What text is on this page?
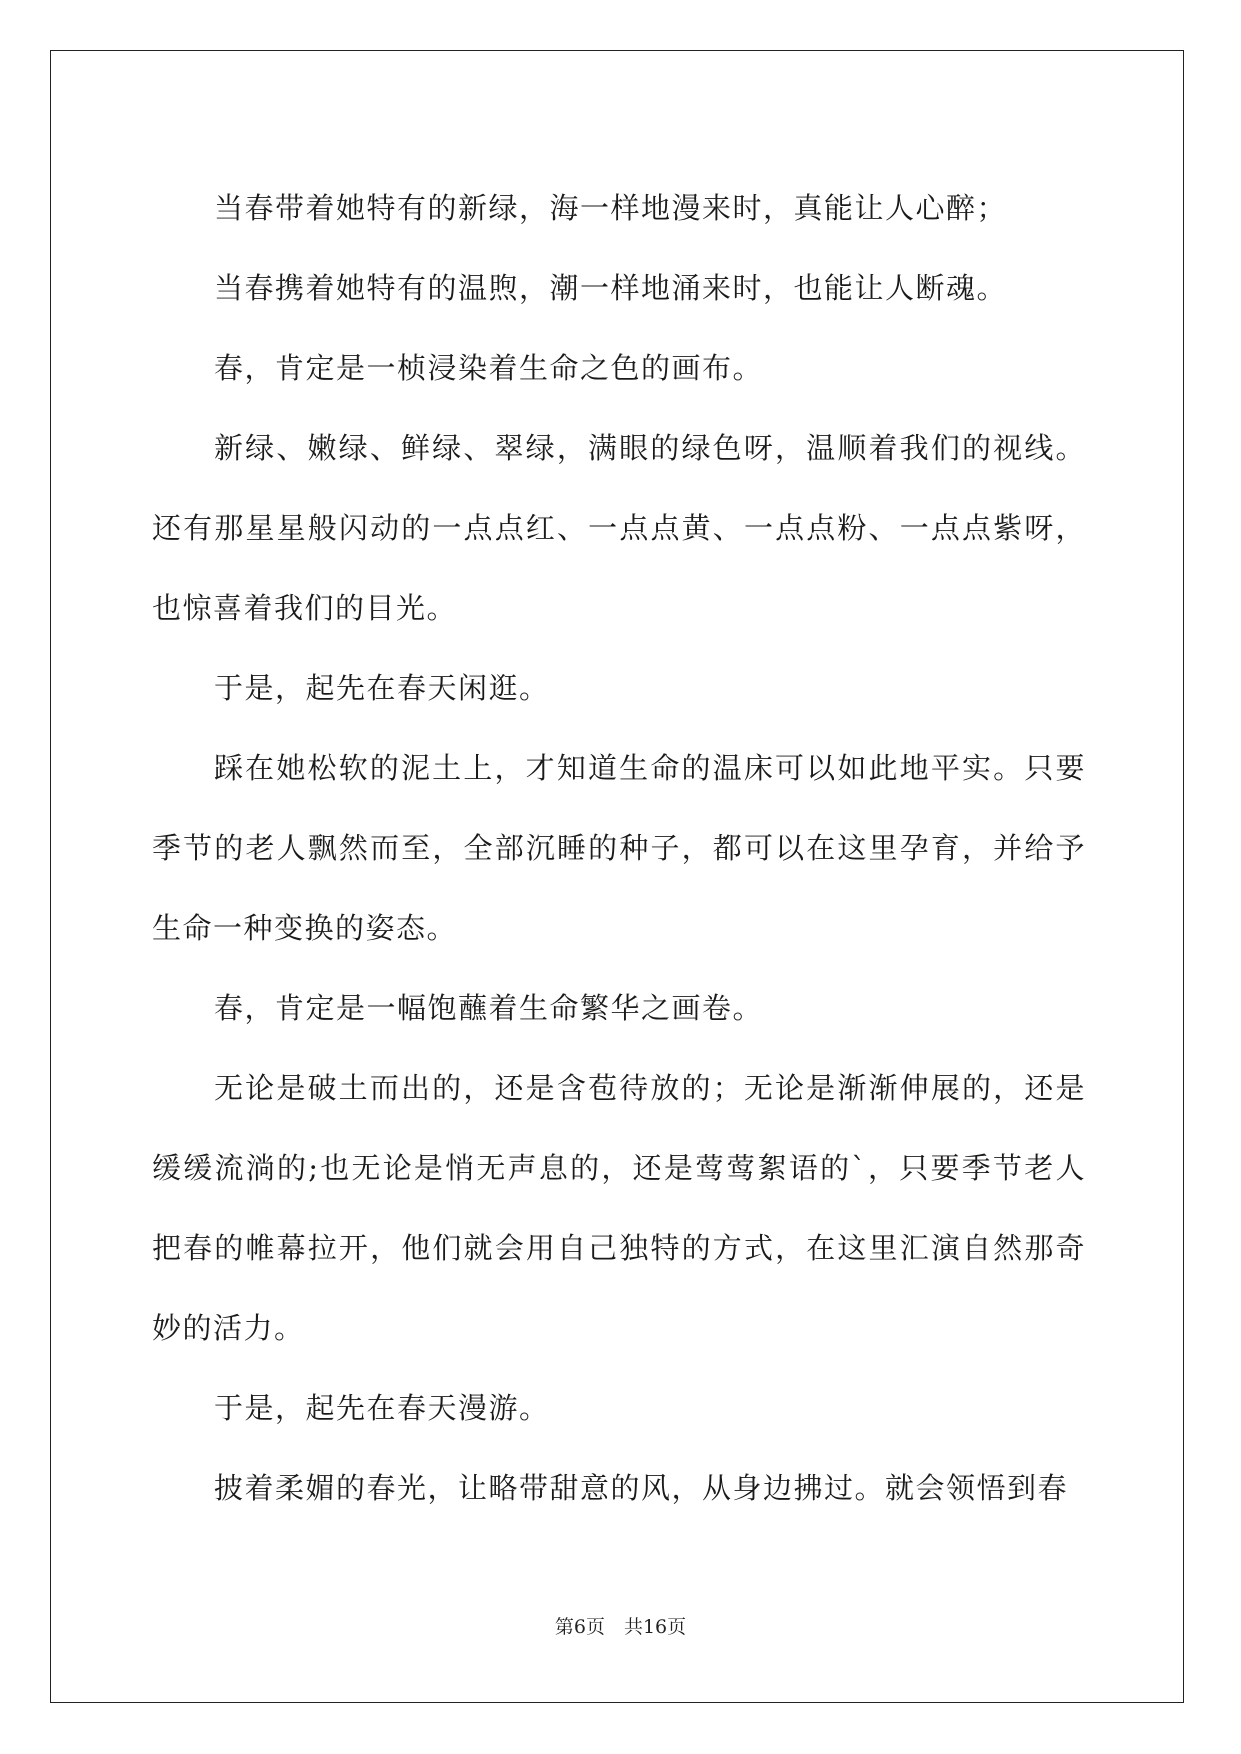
当春带着她特有的新绿，海一样地漫来时，真能让人心醉；

当春携着她特有的温煦，潮一样地涌来时，也能让人断魂。

春，肯定是一桢浸染着生命之色的画布。

新绿、嫩绿、鲜绿、翠绿，满眼的绿色呀，温顺着我们的视线。还有那星星般闪动的一点点红、一点点黄、一点点粉、一点点紫呀，也惊喜着我们的目光。

于是，起先在春天闲逛。

踩在她松软的泥土上，才知道生命的温床可以如此地平实。只要季节的老人飘然而至，全部沉睡的种子，都可以在这里孕育，并给予生命一种变换的姿态。

春，肯定是一幅饱蘸着生命繁华之画卷。

无论是破土而出的，还是含苞待放的；无论是渐渐伸展的，还是缓缓流淌的;也无论是悄无声息的，还是莺莺絮语的`，只要季节老人把春的帷幕拉开，他们就会用自己独特的方式，在这里汇演自然那奇妙的活力。

于是，起先在春天漫游。

披着柔媚的春光，让略带甜意的风，从身边拂过。就会领悟到春

第6页　共16页
